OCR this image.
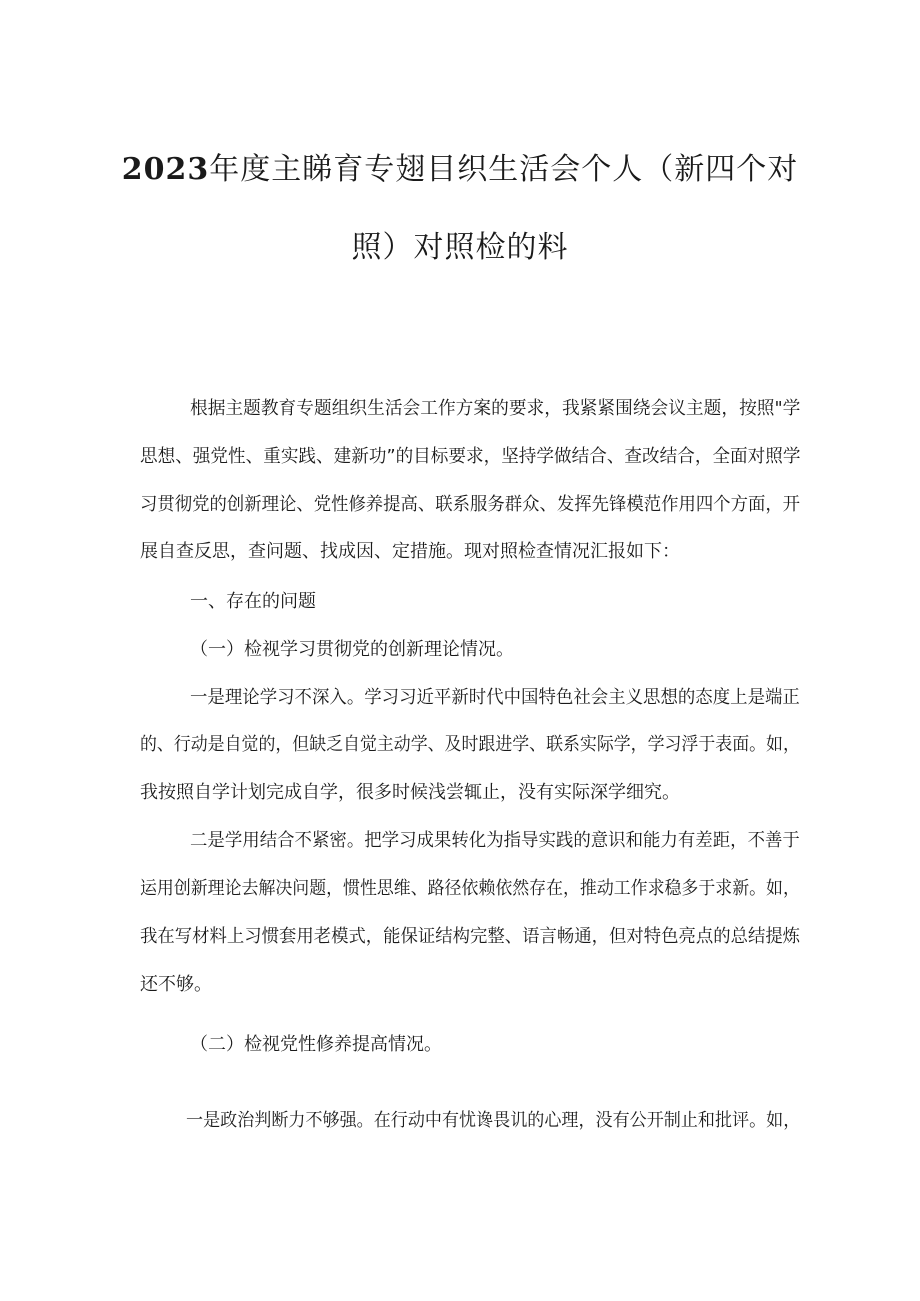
2023年度主睇育专翅目织生活会个人（新四个对
照）对照检的料

根据主题教育专题组织生活会工作方案的要求，我紧紧围绕会议主题，按照"学

思想、强党性、重实践、建新功”的目标要求，坚持学做结合、查改结合，全面对照学

习贯彻党的创新理论、党性修养提高、联系服务群众、发挥先锋模范作用四个方面，开

展自查反思，查问题、找成因、定措施。现对照检查情况汇报如下：

一、存在的问题

（一）检视学习贯彻党的创新理论情况。

一是理论学习不深入。学习习近平新时代中国特色社会主义思想的态度上是端正

的、行动是自觉的，但缺乏自觉主动学、及时跟进学、联系实际学，学习浮于表面。如，

我按照自学计划完成自学，很多时候浅尝辄止，没有实际深学细究。

二是学用结合不紧密。把学习成果转化为指导实践的意识和能力有差距，不善于

运用创新理论去解决问题，惯性思维、路径依赖依然存在，推动工作求稳多于求新。如，

我在写材料上习惯套用老模式，能保证结构完整、语言畅通，但对特色亮点的总结提炼

还不够。

（二）检视党性修养提高情况。

一是政治判断力不够强。在行动中有忧谗畏讥的心理，没有公开制止和批评。如，
